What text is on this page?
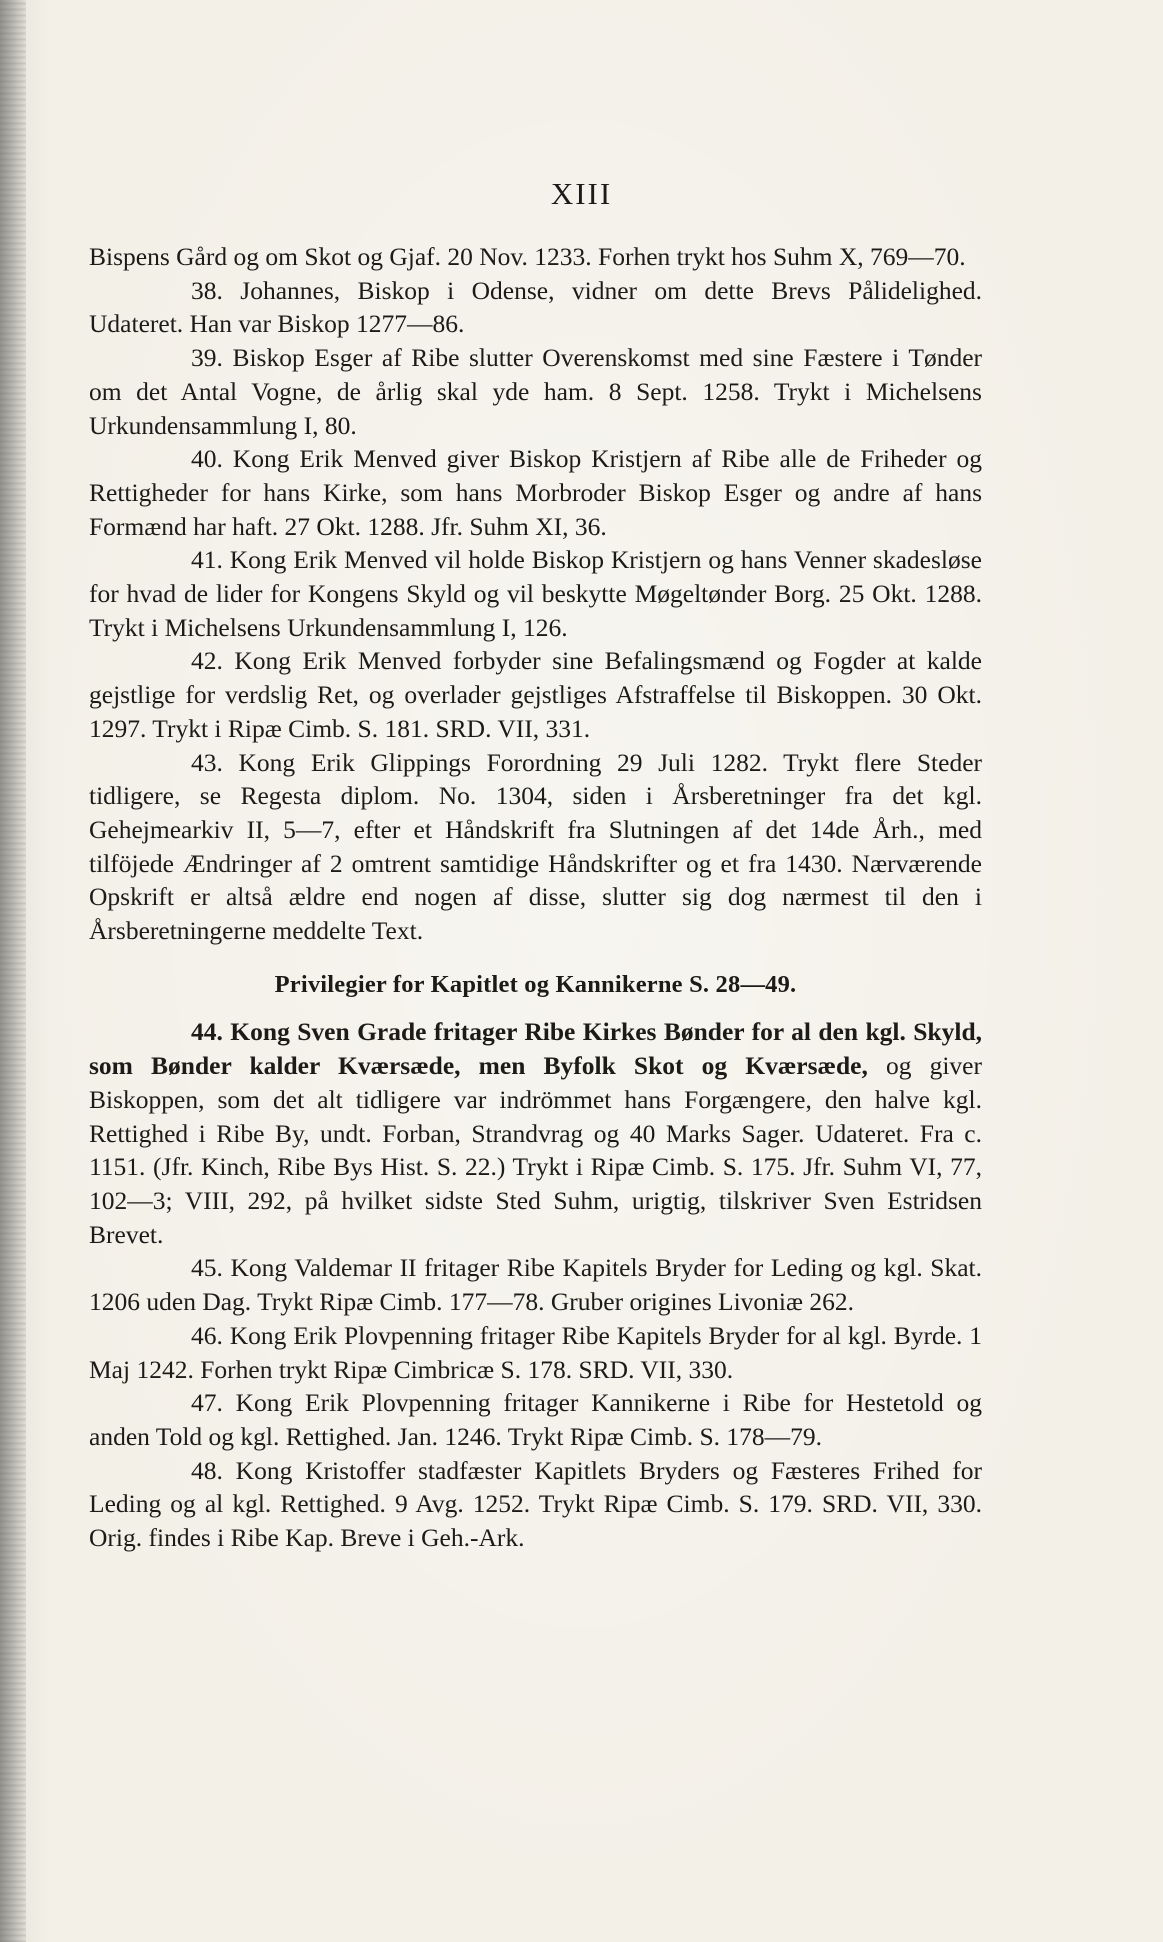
XIII

Bispens Gård og om Skot og Gjaf. 20 Nov. 1233. Forhen trykt hos Suhm X, 769—70.

38. Johannes, Biskop i Odense, vidner om dette Brevs Pålidelighed. Udateret. Han var Biskop 1277—86.

39. Biskop Esger af Ribe slutter Overenskomst med sine Fæstere i Tønder om det Antal Vogne, de årlig skal yde ham. 8 Sept. 1258. Trykt i Michelsens Urkundensammlung I, 80.

40. Kong Erik Menved giver Biskop Kristjern af Ribe alle de Friheder og Rettigheder for hans Kirke, som hans Morbroder Biskop Esger og andre af hans Formænd har haft. 27 Okt. 1288. Jfr. Suhm XI, 36.

41. Kong Erik Menved vil holde Biskop Kristjern og hans Venner skadesløse for hvad de lider for Kongens Skyld og vil beskytte Møgeltønder Borg. 25 Okt. 1288. Trykt i Michelsens Urkundensammlung I, 126.

42. Kong Erik Menved forbyder sine Befalingsmænd og Fogder at kalde gejstlige for verdslig Ret, og overlader gejstliges Afstraffelse til Biskoppen. 30 Okt. 1297. Trykt i Ripæ Cimb. S. 181. SRD. VII, 331.

43. Kong Erik Glippings Forordning 29 Juli 1282. Trykt flere Steder tidligere, se Regesta diplom. No. 1304, siden i Årsberetninger fra det kgl. Gehejmearkiv II, 5—7, efter et Håndskrift fra Slutningen af det 14de Årh., med tilföjede Ændringer af 2 omtrent samtidige Håndskrifter og et fra 1430. Nærværende Opskrift er altså ældre end nogen af disse, slutter sig dog nærmest til den i Årsberetningerne meddelte Text.

Privilegier for Kapitlet og Kannikerne S. 28—49.

44. Kong Sven Grade fritager Ribe Kirkes Bønder for al den kgl. Skyld, som Bønder kalder Kværsæde, men Byfolk Skot og Kværsæde, og giver Biskoppen, som det alt tidligere var indrömmet hans Forgængere, den halve kgl. Rettighed i Ribe By, undt. Forban, Strandvrag og 40 Marks Sager. Udateret. Fra c. 1151. (Jfr. Kinch, Ribe Bys Hist. S. 22.) Trykt i Ripæ Cimb. S. 175. Jfr. Suhm VI, 77, 102—3; VIII, 292, på hvilket sidste Sted Suhm, urigtig, tilskriver Sven Estridsen Brevet.

45. Kong Valdemar II fritager Ribe Kapitels Bryder for Leding og kgl. Skat. 1206 uden Dag. Trykt Ripæ Cimb. 177—78. Gruber origines Livoniæ 262.

46. Kong Erik Plovpenning fritager Ribe Kapitels Bryder for al kgl. Byrde. 1 Maj 1242. Forhen trykt Ripæ Cimbricæ S. 178. SRD. VII, 330.

47. Kong Erik Plovpenning fritager Kannikerne i Ribe for Hestetold og anden Told og kgl. Rettighed. Jan. 1246. Trykt Ripæ Cimb. S. 178—79.

48. Kong Kristoffer stadfæster Kapitlets Bryders og Fæsteres Frihed for Leding og al kgl. Rettighed. 9 Avg. 1252. Trykt Ripæ Cimb. S. 179. SRD. VII, 330. Orig. findes i Ribe Kap. Breve i Geh.-Ark.
